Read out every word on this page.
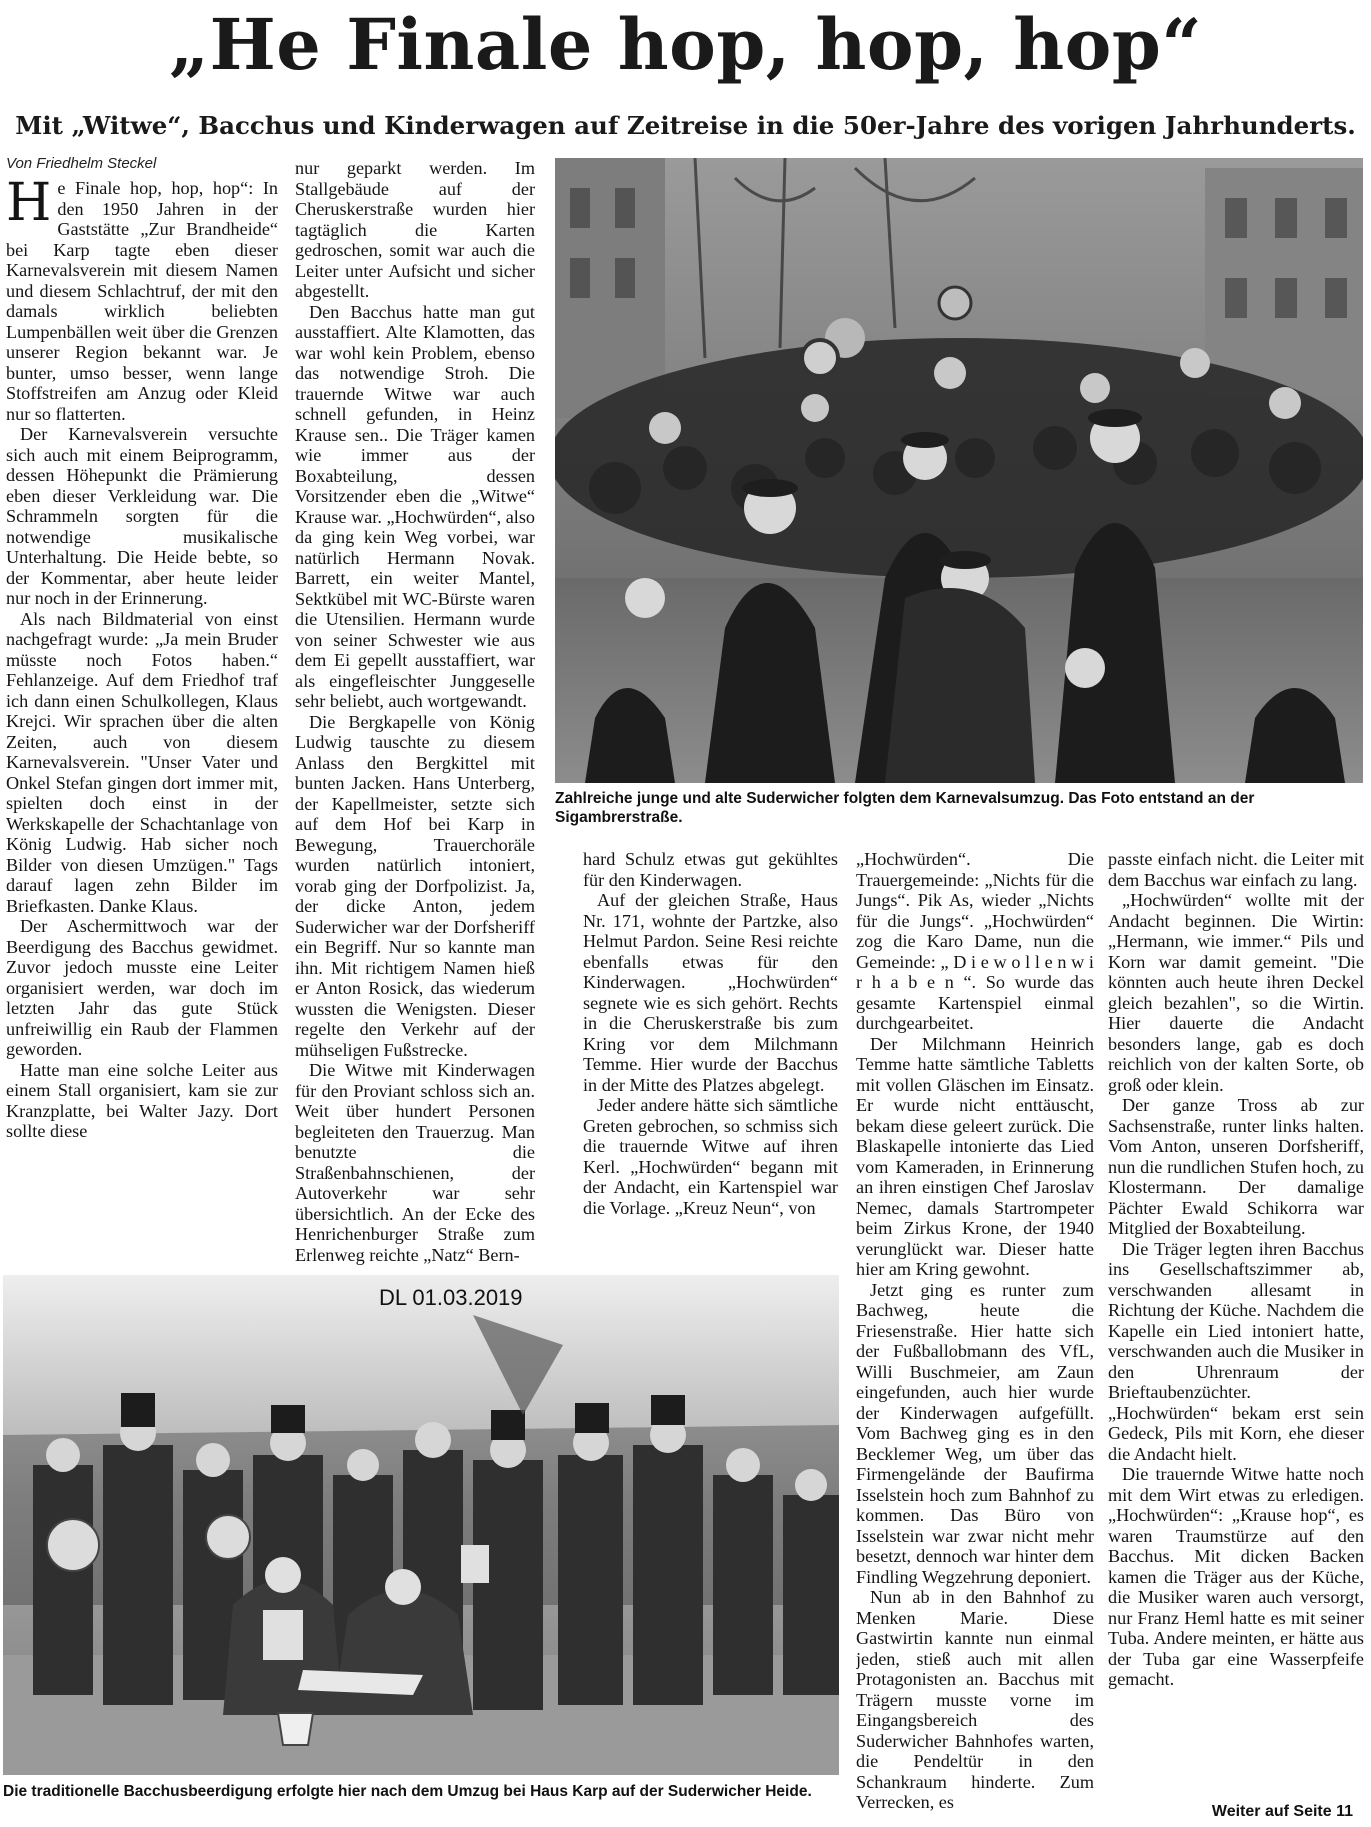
„He Finale hop, hop, hop“
Mit „Witwe“, Bacchus und Kinderwagen auf Zeitreise in die 50er-Jahre des vorigen Jahrhunderts.
Von Friedhelm Steckel

He Finale hop, hop, hop“: In den 1950 Jahren in der Gaststätte „Zur Brandheide“ bei Karp tagte eben dieser Karnevalsverein mit diesem Namen und diesem Schlachtruf, der mit den damals wirklich beliebten Lumpenbällen weit über die Grenzen unserer Region bekannt war. Je bunter, umso besser, wenn lange Stoffstreifen am Anzug oder Kleid nur so flatterten.

Der Karnevalsverein versuchte sich auch mit einem Beiprogramm, dessen Höhepunkt die Prämierung eben dieser Verkleidung war. Die Schrammeln sorgten für die notwendige musikalische Unterhaltung. Die Heide bebte, so der Kommentar, aber heute leider nur noch in der Erinnerung.

Als nach Bildmaterial von einst nachgefragt wurde: „Ja mein Bruder müsste noch Fotos haben.“ Fehlanzeige. Auf dem Friedhof traf ich dann einen Schulkollegen, Klaus Krejci. Wir sprachen über die alten Zeiten, auch von diesem Karnevalsverein. "Unser Vater und Onkel Stefan gingen dort immer mit, spielten doch einst in der Werkskapelle der Schachtanlage von König Ludwig. Hab sicher noch Bilder von diesen Umzügen." Tags darauf lagen zehn Bilder im Briefkasten. Danke Klaus.

Der Aschermittwoch war der Beerdigung des Bacchus gewidmet. Zuvor jedoch musste eine Leiter organisiert werden, war doch im letzten Jahr das gute Stück unfreiwillig ein Raub der Flammen geworden.

Hatte man eine solche Leiter aus einem Stall organisiert, kam sie zur Kranzplatte, bei Walter Jazy. Dort sollte diese

nur geparkt werden. Im Stallgebäude auf der Cheruskerstraße wurden hier tagtäglich die Karten gedroschen, somit war auch die Leiter unter Aufsicht und sicher abgestellt.

Den Bacchus hatte man gut ausstaffiert. Alte Klamotten, das war wohl kein Problem, ebenso das notwendige Stroh. Die trauernde Witwe war auch schnell gefunden, in Heinz Krause sen.. Die Träger kamen wie immer aus der Boxabteilung, dessen Vorsitzender eben die „Witwe“ Krause war. „Hochwürden“, also da ging kein Weg vorbei, war natürlich Hermann Novak. Barrett, ein weiter Mantel, Sektkübel mit WC-Bürste waren die Utensilien. Hermann wurde von seiner Schwester wie aus dem Ei gepellt ausstaffiert, war als eingefleischter Junggeselle sehr beliebt, auch wortgewandt.

Die Bergkapelle von König Ludwig tauschte zu diesem Anlass den Bergkittel mit bunten Jacken. Hans Unterberg, der Kapellmeister, setzte sich auf dem Hof bei Karp in Bewegung, Trauerchoräle wurden natürlich intoniert, vorab ging der Dorfpolizist. Ja, der dicke Anton, jedem Suderwicher war der Dorfsheriff ein Begriff. Nur so kannte man ihn. Mit richtigem Namen hieß er Anton Rosick, das wiederum wussten die Wenigsten. Dieser regelte den Verkehr auf der mühseligen Fußstrecke.

Die Witwe mit Kinderwagen für den Proviant schloss sich an. Weit über hundert Personen begleiteten den Trauerzug. Man benutzte die Straßenbahnschienen, der Autoverkehr war sehr übersichtlich. An der Ecke des Henrichenburger Straße zum Erlenweg reichte „Natz“ Bern-

Zahlreiche junge und alte Suderwicher folgten dem Karnevalsumzug. Das Foto entstand an der Sigambrerstraße.

hard Schulz etwas gut gekühltes für den Kinderwagen.

Auf der gleichen Straße, Haus Nr. 171, wohnte der Partzke, also Helmut Pardon. Seine Resi reichte ebenfalls etwas für den Kinderwagen. „Hochwürden“ segnete wie es sich gehört. Rechts in die Cheruskerstraße bis zum Kring vor dem Milchmann Temme. Hier wurde der Bacchus in der Mitte des Platzes abgelegt.

Jeder andere hätte sich sämtliche Greten gebrochen, so schmiss sich die trauernde Witwe auf ihren Kerl. „Hochwürden“ begann mit der Andacht, ein Kartenspiel war die Vorlage. „Kreuz Neun“, von

„Hochwürden“. Die Trauergemeinde: „Nichts für die Jungs“. Pik As, wieder „Nichts für die Jungs“. „Hochwürden“ zog die Karo Dame, nun die Gemeinde: „ D i e w o l l e n w i r h a b e n “. So wurde das gesamte Kartenspiel einmal durchgearbeitet.

Der Milchmann Heinrich Temme hatte sämtliche Tabletts mit vollen Gläschen im Einsatz. Er wurde nicht enttäuscht, bekam diese geleert zurück. Die Blaskapelle intonierte das Lied vom Kameraden, in Erinnerung an ihren einstigen Chef Jaroslav Nemec, damals Startrompeter beim Zirkus Krone, der 1940 verunglückt war. Dieser hatte hier am Kring gewohnt.

Jetzt ging es runter zum Bachweg, heute die Friesenstraße. Hier hatte sich der Fußballobmann des VfL, Willi Buschmeier, am Zaun eingefunden, auch hier wurde der Kinderwagen aufgefüllt. Vom Bachweg ging es in den Becklemer Weg, um über das Firmengelände der Baufirma Isselstein hoch zum Bahnhof zu kommen. Das Büro von Isselstein war zwar nicht mehr besetzt, dennoch war hinter dem Findling Wegzehrung deponiert.

Nun ab in den Bahnhof zu Menken Marie. Diese Gastwirtin kannte nun einmal jeden, stieß auch mit allen Protagonisten an. Bacchus mit Trägern musste vorne im Eingangsbereich des Suderwicher Bahnhofes warten, die Pendeltür in den Schankraum hinderte. Zum Verrecken, es

passte einfach nicht. die Leiter mit dem Bacchus war einfach zu lang.

„Hochwürden“ wollte mit der Andacht beginnen. Die Wirtin: „Hermann, wie immer.“ Pils und Korn war damit gemeint. "Die könnten auch heute ihren Deckel gleich bezahlen", so die Wirtin. Hier dauerte die Andacht besonders lange, gab es doch reichlich von der kalten Sorte, ob groß oder klein.

Der ganze Tross ab zur Sachsenstraße, runter links halten. Vom Anton, unseren Dorfsheriff, nun die rundlichen Stufen hoch, zu Klostermann. Der damalige Pächter Ewald Schikorra war Mitglied der Boxabteilung.

Die Träger legten ihren Bacchus ins Gesellschaftszimmer ab, verschwanden allesamt in Richtung der Küche. Nachdem die Kapelle ein Lied intoniert hatte, verschwanden auch die Musiker in den Uhrenraum der Brieftaubenzüchter. „Hochwürden“ bekam erst sein Gedeck, Pils mit Korn, ehe dieser die Andacht hielt.

Die trauernde Witwe hatte noch mit dem Wirt etwas zu erledigen. „Hochwürden“: „Krause hop“, es waren Traumstürze auf den Bacchus. Mit dicken Backen kamen die Träger aus der Küche, die Musiker waren auch versorgt, nur Franz Heml hatte es mit seiner Tuba. Andere meinten, er hätte aus der Tuba gar eine Wasserpfeife gemacht.

DL 01.03.2019
Die traditionelle Bacchusbeerdigung erfolgte hier nach dem Umzug bei Haus Karp auf der Suderwicher Heide.
Weiter auf Seite 11
